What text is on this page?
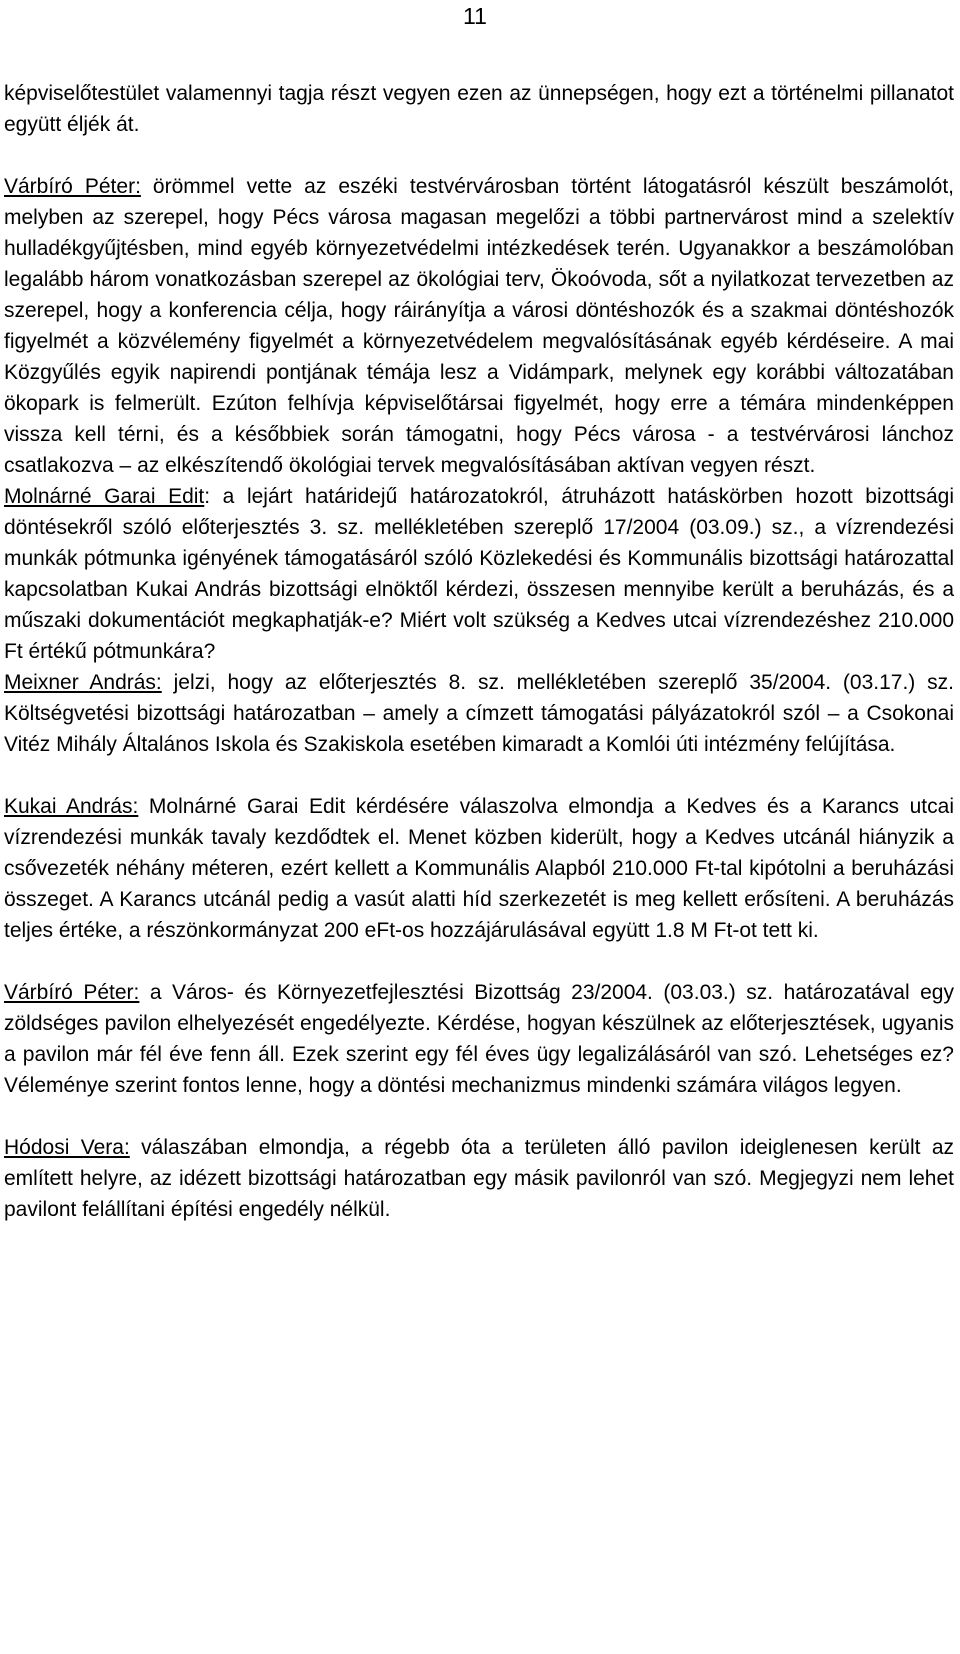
11

képviselőtestület valamennyi tagja részt vegyen ezen az ünnepségen, hogy ezt a történelmi pillanatot együtt éljék át.

Várbíró Péter: örömmel vette az eszéki testvérvárosban történt látogatásról készült beszámolót, melyben az szerepel, hogy Pécs városa magasan megelőzi a többi partnervárost mind a szelektív hulladékgyűjtésben, mind egyéb környezetvédelmi intézkedések terén. Ugyanakkor a beszámolóban legalább három vonatkozásban szerepel az ökológiai terv, Ökoóvoda, sőt a nyilatkozat tervezetben az szerepel, hogy a konferencia célja, hogy ráirányítja a városi döntéshozók és a szakmai döntéshozók figyelmét a közvélemény figyelmét a környezetvédelem megvalósításának egyéb kérdéseire. A mai Közgyűlés egyik napirendi pontjának témája lesz a Vidámpark, melynek egy korábbi változatában ökopark is felmerült. Ezúton felhívja képviselőtársai figyelmét, hogy erre a témára mindenképpen vissza kell térni, és a későbbiek során támogatni, hogy Pécs városa - a testvérvárosi lánchoz csatlakozva – az elkészítendő ökológiai tervek megvalósításában aktívan vegyen részt.

Molnárné Garai Edit: a lejárt határidejű határozatokról, átruházott hatáskörben hozott bizottsági döntésekről szóló előterjesztés 3. sz. mellékletében szereplő 17/2004 (03.09.) sz., a vízrendezési munkák pótmunka igényének támogatásáról szóló Közlekedési és Kommunális bizottsági határozattal kapcsolatban Kukai András bizottsági elnöktől kérdezi, összesen mennyibe került a beruházás, és a műszaki dokumentációt megkaphatják-e? Miért volt szükség a Kedves utcai vízrendezéshez 210.000 Ft értékű pótmunkára?

Meixner András: jelzi, hogy az előterjesztés 8. sz. mellékletében szereplő 35/2004. (03.17.) sz. Költségvetési bizottsági határozatban – amely a címzett támogatási pályázatokról szól – a Csokonai Vitéz Mihály Általános Iskola és Szakiskola esetében kimaradt a Komlói úti intézmény felújítása.

Kukai András: Molnárné Garai Edit kérdésére válaszolva elmondja a Kedves és a Karancs utcai vízrendezési munkák tavaly kezdődtek el. Menet közben kiderült, hogy a Kedves utcánál hiányzik a csővezeték néhány méteren, ezért kellett a Kommunális Alapból 210.000 Ft-tal kipótolni a beruházási összeget. A Karancs utcánál pedig a vasút alatti híd szerkezetét is meg kellett erősíteni. A beruházás teljes értéke, a részönkormányzat 200 eFt-os hozzájárulásával együtt 1.8 M Ft-ot tett ki.

Várbíró Péter: a Város- és Környezetfejlesztési Bizottság 23/2004. (03.03.) sz. határozatával egy zöldséges pavilon elhelyezését engedélyezte. Kérdése, hogyan készülnek az előterjesztések, ugyanis a pavilon már fél éve fenn áll. Ezek szerint egy fél éves ügy legalizálásáról van szó. Lehetséges ez? Véleménye szerint fontos lenne, hogy a döntési mechanizmus mindenki számára világos legyen.

Hódosi Vera: válaszában elmondja, a régebb óta a területen álló pavilon ideiglenesen került az említett helyre, az idézett bizottsági határozatban egy másik pavilonról van szó. Megjegyzi nem lehet pavilont felállítani építési engedély nélkül.
